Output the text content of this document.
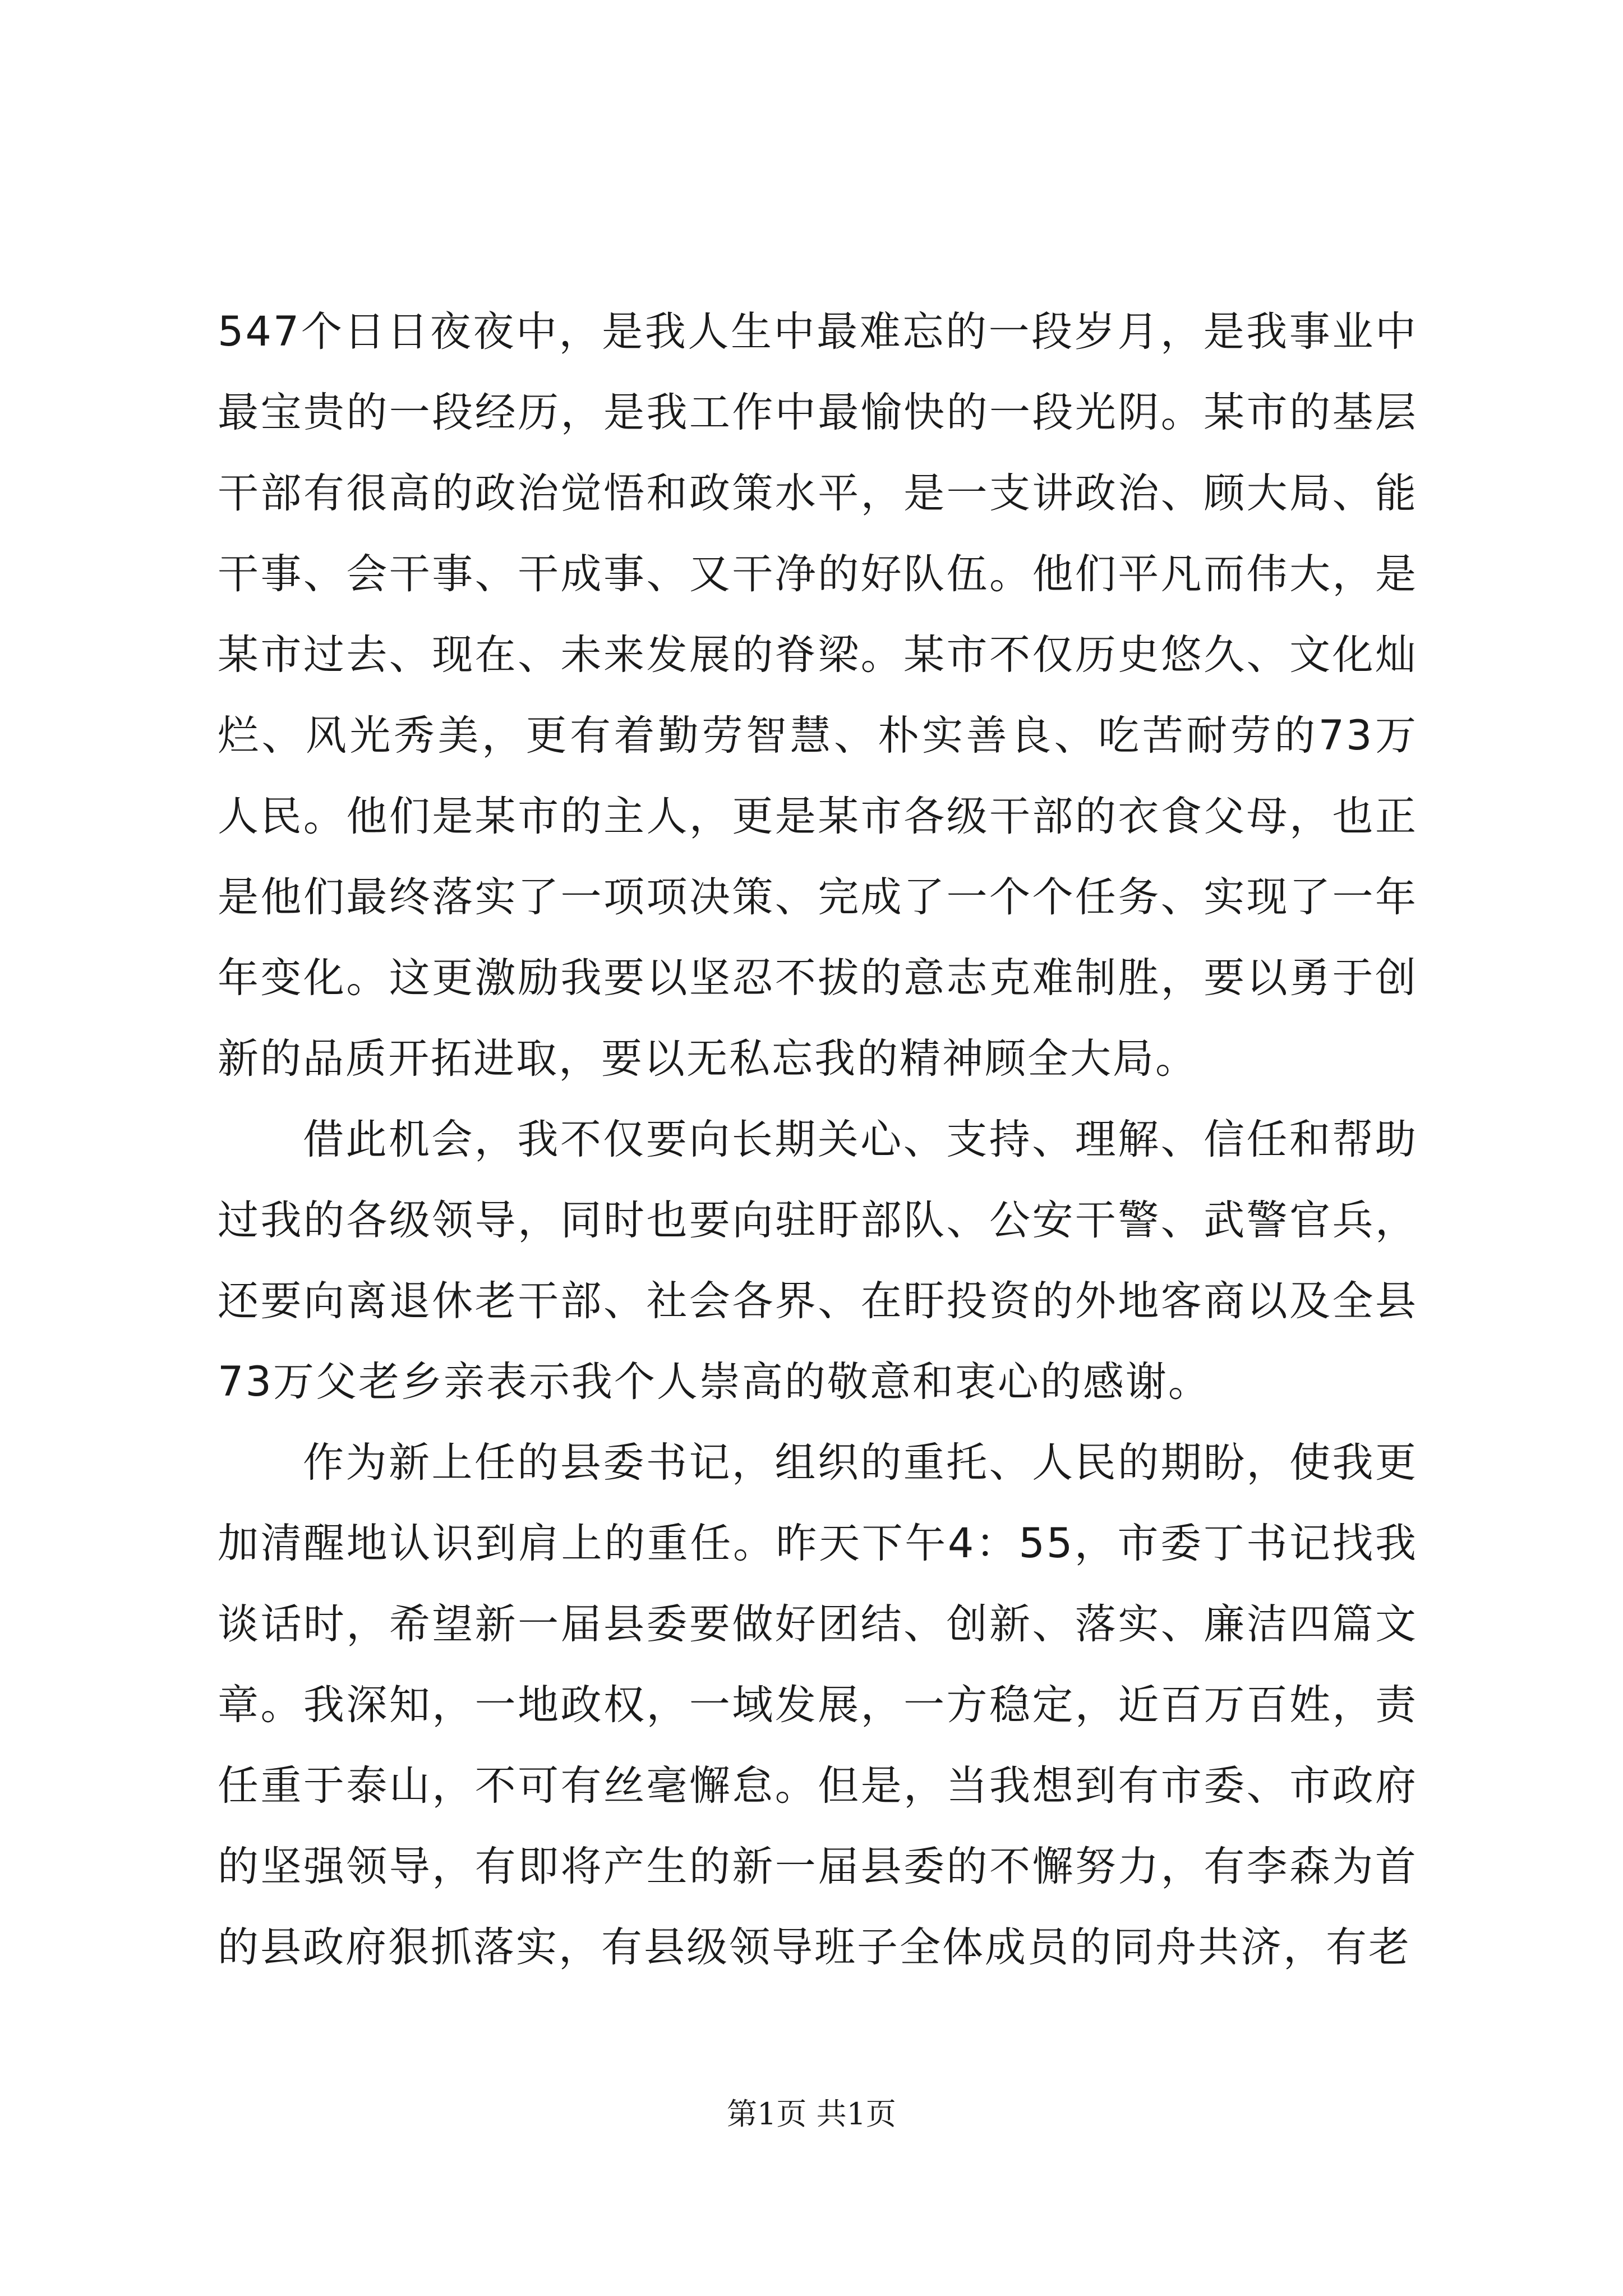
547个日日夜夜中，是我人生中最难忘的一段岁月，是我事业中最宝贵的一段经历，是我工作中最愉快的一段光阴。某市的基层干部有很高的政治觉悟和政策水平，是一支讲政治、顾大局、能干事、会干事、干成事、又干净的好队伍。他们平凡而伟大，是某市过去、现在、未来发展的脊梁。某市不仅历史悠久、文化灿烂、风光秀美，更有着勤劳智慧、朴实善良、吃苦耐劳的73万人民。他们是某市的主人，更是某市各级干部的衣食父母，也正是他们最终落实了一项项决策、完成了一个个任务、实现了一年年变化。这更激励我要以坚忍不拔的意志克难制胜，要以勇于创新的品质开拓进取，要以无私忘我的精神顾全大局。

借此机会，我不仅要向长期关心、支持、理解、信任和帮助过我的各级领导，同时也要向驻盱部队、公安干警、武警官兵，还要向离退休老干部、社会各界、在盱投资的外地客商以及全县73万父老乡亲表示我个人崇高的敬意和衷心的感谢。

作为新上任的县委书记，组织的重托、人民的期盼，使我更加清醒地认识到肩上的重任。昨天下午4：55，市委丁书记找我谈话时，希望新一届县委要做好团结、创新、落实、廉洁四篇文章。我深知，一地政权，一域发展，一方稳定，近百万百姓，责任重于泰山，不可有丝毫懈怠。但是，当我想到有市委、市政府的坚强领导，有即将产生的新一届县委的不懈努力，有李森为首的县政府狠抓落实，有县级领导班子全体成员的同舟共济，有老

第1页 共1页
